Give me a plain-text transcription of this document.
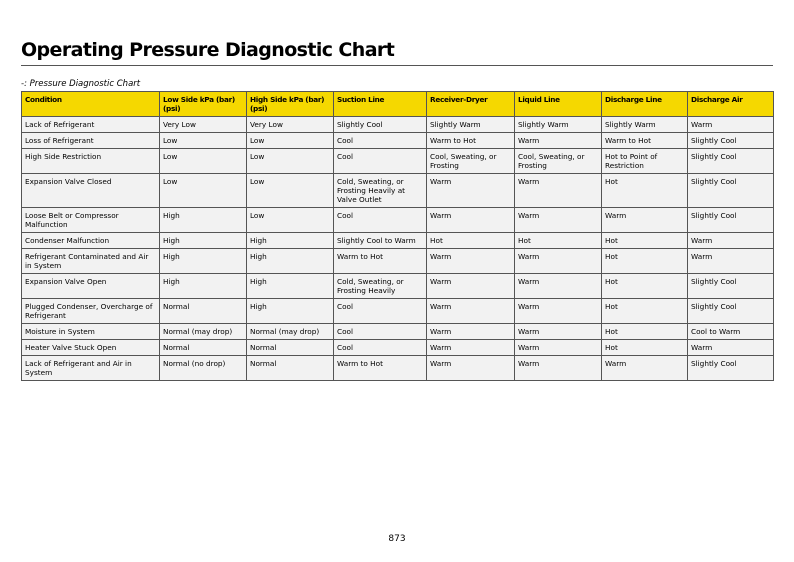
Operating Pressure Diagnostic Chart
-: Pressure Diagnostic Chart
Condition	Low Side kPa (bar) (psi)	High Side kPa (bar) (psi)	Suction Line	Receiver-Dryer	Liquid Line	Discharge Line	Discharge Air
Lack of Refrigerant	Very Low	Very Low	Slightly Cool	Slightly Warm	Slightly Warm	Slightly Warm	Warm
Loss of Refrigerant	Low	Low	Cool	Warm to Hot	Warm	Warm to Hot	Slightly Cool
High Side Restriction	Low	Low	Cool	Cool, Sweating, or Frosting	Cool, Sweating, or Frosting	Hot to Point of Restriction	Slightly Cool
Expansion Valve Closed	Low	Low	Cold, Sweating, or Frosting Heavily at Valve Outlet	Warm	Warm	Hot	Slightly Cool
Loose Belt or Compressor Malfunction	High	Low	Cool	Warm	Warm	Warm	Slightly Cool
Condenser Malfunction	High	High	Slightly Cool to Warm	Hot	Hot	Hot	Warm
Refrigerant Contaminated and Air in System	High	High	Warm to Hot	Warm	Warm	Hot	Warm
Expansion Valve Open	High	High	Cold, Sweating, or Frosting Heavily	Warm	Warm	Hot	Slightly Cool
Plugged Condenser, Overcharge of Refrigerant	Normal	High	Cool	Warm	Warm	Hot	Slightly Cool
Moisture in System	Normal (may drop)	Normal (may drop)	Cool	Warm	Warm	Hot	Cool to Warm
Heater Valve Stuck Open	Normal	Normal	Cool	Warm	Warm	Hot	Warm
Lack of Refrigerant and Air in System	Normal (no drop)	Normal	Warm to Hot	Warm	Warm	Warm	Slightly Cool
873
